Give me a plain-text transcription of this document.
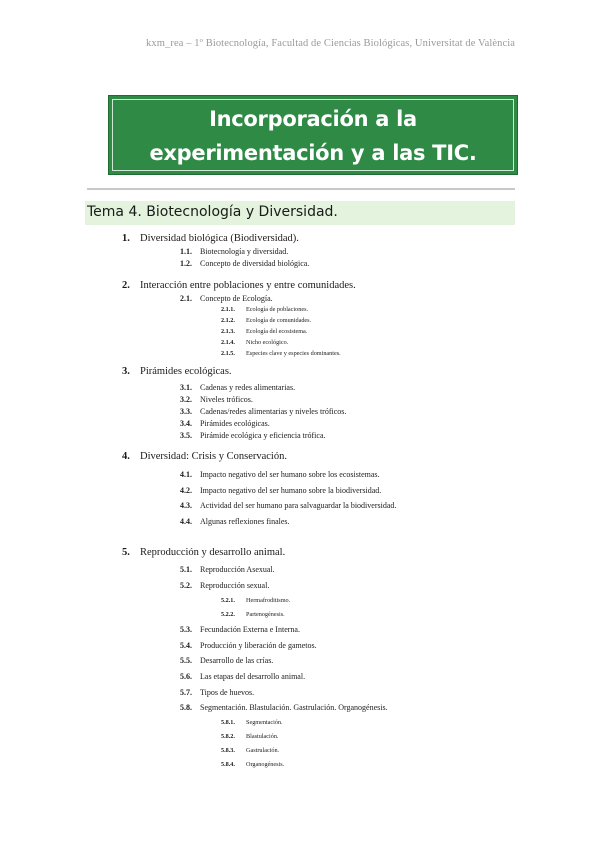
kxm_rea – 1º Biotecnología, Facultad de Ciencias Biológicas, Universitat de València
Incorporación a la
experimentación y a las TIC.
Tema 4. Biotecnología y Diversidad.
1. Diversidad biológica (Biodiversidad).
1.1. Biotecnología y diversidad.
1.2. Concepto de diversidad biológica.
2. Interacción entre poblaciones y entre comunidades.
2.1. Concepto de Ecología.
2.1.1. Ecología de poblaciones.
2.1.2. Ecología de comunidades.
2.1.3. Ecología del ecosistema.
2.1.4. Nicho ecológico.
2.1.5. Especies clave y especies dominantes.
3. Pirámides ecológicas.
3.1. Cadenas y redes alimentarias.
3.2. Niveles tróficos.
3.3. Cadenas/redes alimentarias y niveles tróficos.
3.4. Pirámides ecológicas.
3.5. Pirámide ecológica y eficiencia trófica.
4. Diversidad: Crisis y Conservación.
4.1. Impacto negativo del ser humano sobre los ecosistemas.
4.2. Impacto negativo del ser humano sobre la biodiversidad.
4.3. Actividad del ser humano para salvaguardar la biodiversidad.
4.4. Algunas reflexiones finales.
5. Reproducción y desarrollo animal.
5.1. Reproducción Asexual.
5.2. Reproducción sexual.
5.2.1. Hermafroditismo.
5.2.2. Partenogénesis.
5.3. Fecundación Externa e Interna.
5.4. Producción y liberación de gametos.
5.5. Desarrollo de las crías.
5.6. Las etapas del desarrollo animal.
5.7. Tipos de huevos.
5.8. Segmentación. Blastulación. Gastrulación. Organogénesis.
5.8.1. Segmentación.
5.8.2. Blastulación.
5.8.3. Gastrulación.
5.8.4. Organogénesis.
